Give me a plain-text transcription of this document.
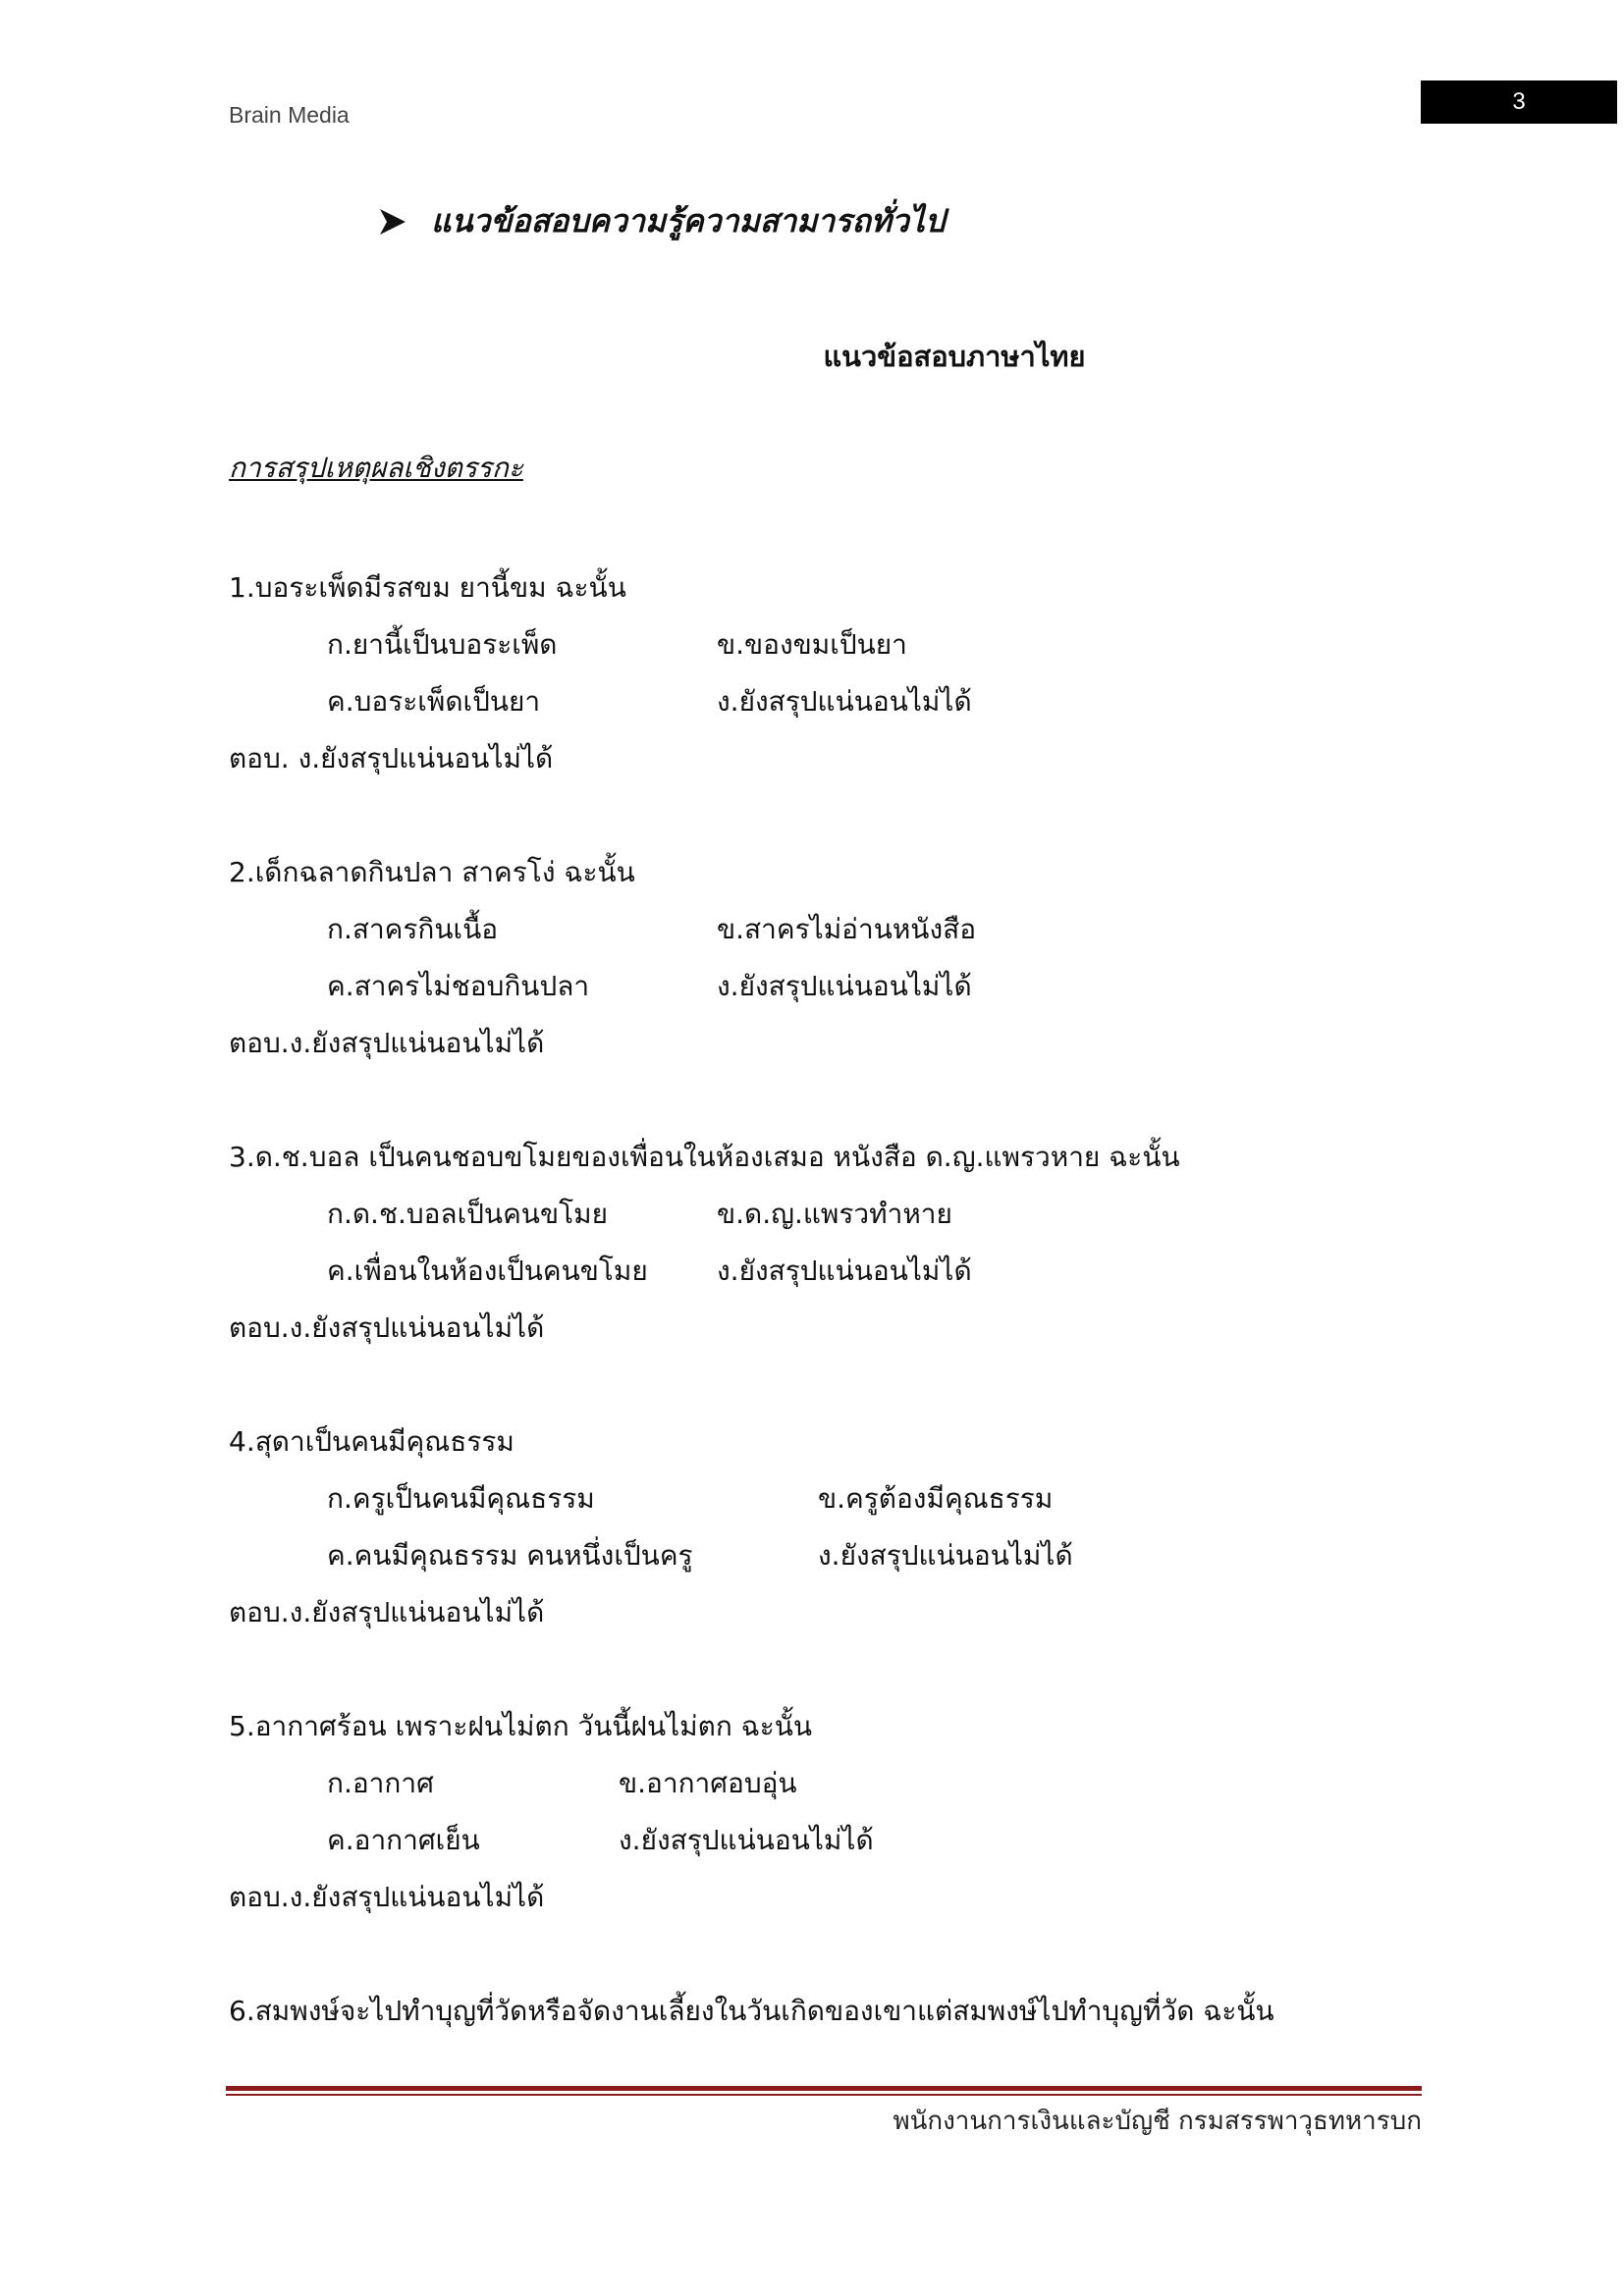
Brain Media	3
แนวข้อสอบความรู้ความสามารถทั่วไป
แนวข้อสอบภาษาไทย
การสรุปเหตุผลเชิงตรรกะ
1.บอระเพ็ดมีรสขม ยานี้ขม ฉะนั้น
ก.ยานี้เป็นบอระเพ็ด	ข.ของขมเป็นยา
ค.บอระเพ็ดเป็นยา	ง.ยังสรุปแน่นอนไม่ได้
ตอบ. ง.ยังสรุปแน่นอนไม่ได้
2.เด็กฉลาดกินปลา สาครโง่ ฉะนั้น
ก.สาครกินเนื้อ	ข.สาครไม่อ่านหนังสือ
ค.สาครไม่ชอบกินปลา	ง.ยังสรุปแน่นอนไม่ได้
ตอบ.ง.ยังสรุปแน่นอนไม่ได้
3.ด.ช.บอล เป็นคนชอบขโมยของเพื่อนในห้องเสมอ หนังสือ ด.ญ.แพรวหาย ฉะนั้น
ก.ด.ช.บอลเป็นคนขโมย	ข.ด.ญ.แพรวทำหาย
ค.เพื่อนในห้องเป็นคนขโมย	ง.ยังสรุปแน่นอนไม่ได้
ตอบ.ง.ยังสรุปแน่นอนไม่ได้
4.สุดาเป็นคนมีคุณธรรม
ก.ครูเป็นคนมีคุณธรรม	ข.ครูต้องมีคุณธรรม
ค.คนมีคุณธรรม คนหนึ่งเป็นครู	ง.ยังสรุปแน่นอนไม่ได้
ตอบ.ง.ยังสรุปแน่นอนไม่ได้
5.อากาศร้อน เพราะฝนไม่ตก วันนี้ฝนไม่ตก ฉะนั้น
ก.อากาศ	ข.อากาศอบอุ่น
ค.อากาศเย็น	ง.ยังสรุปแน่นอนไม่ได้
ตอบ.ง.ยังสรุปแน่นอนไม่ได้
6.สมพงษ์จะไปทำบุญที่วัดหรือจัดงานเลี้ยงในวันเกิดของเขาแต่สมพงษ์ไปทำบุญที่วัด ฉะนั้น
พนักงานการเงินและบัญชี กรมสรรพาวุธทหารบก
